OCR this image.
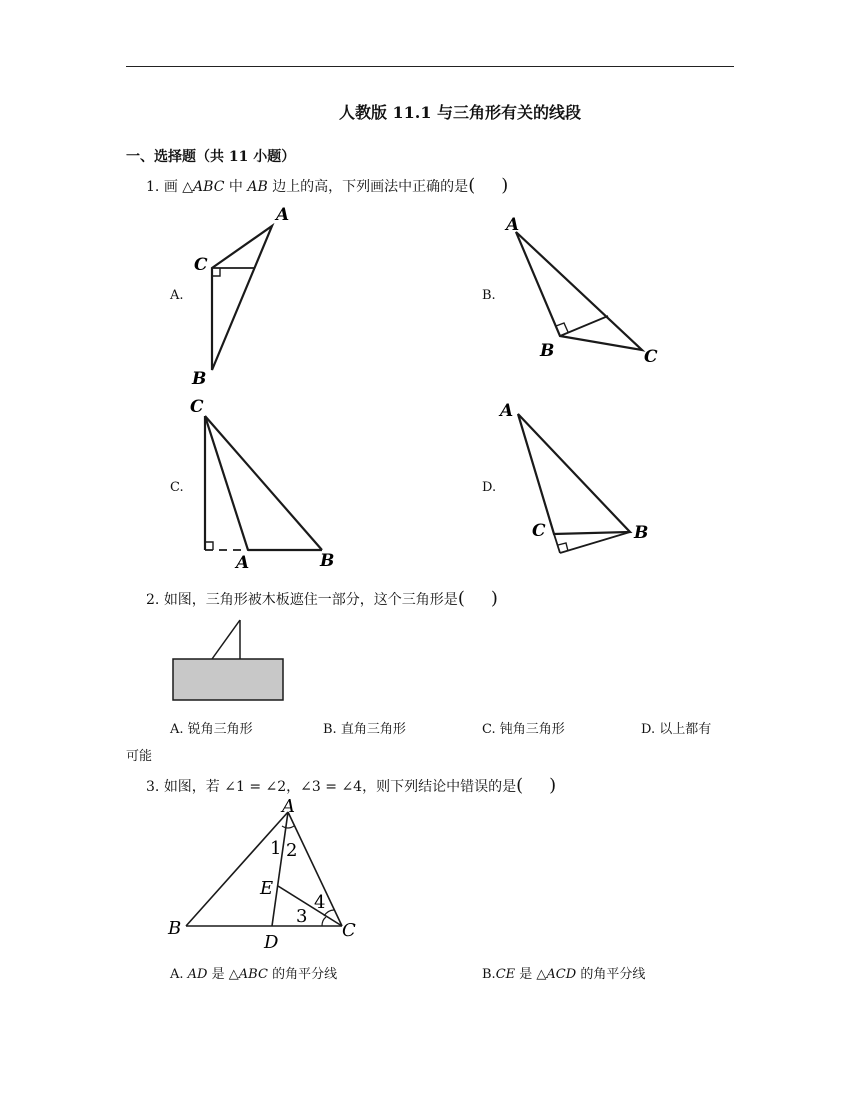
人教版 11.1 与三角形有关的线段
一、选择题（共 11 小题）
1. 画 △ABC 中 AB 边上的高，下列画法中正确的是( )
A.	B.
C.	D.
A
C
B
A
B	C
C
A	B
A
C	B
2. 如图，三角形被木板遮住一部分，这个三角形是( )
A. 锐角三角形	B. 直角三角形	C. 钝角三角形	D. 以上都有
可能
3. 如图，若 ∠1 = ∠2，∠3 = ∠4，则下列结论中错误的是( )
A
B	C
D
E
1 2
3
4
A. AD 是 △ABC 的角平分线	B.CE 是 △ACD 的角平分线
